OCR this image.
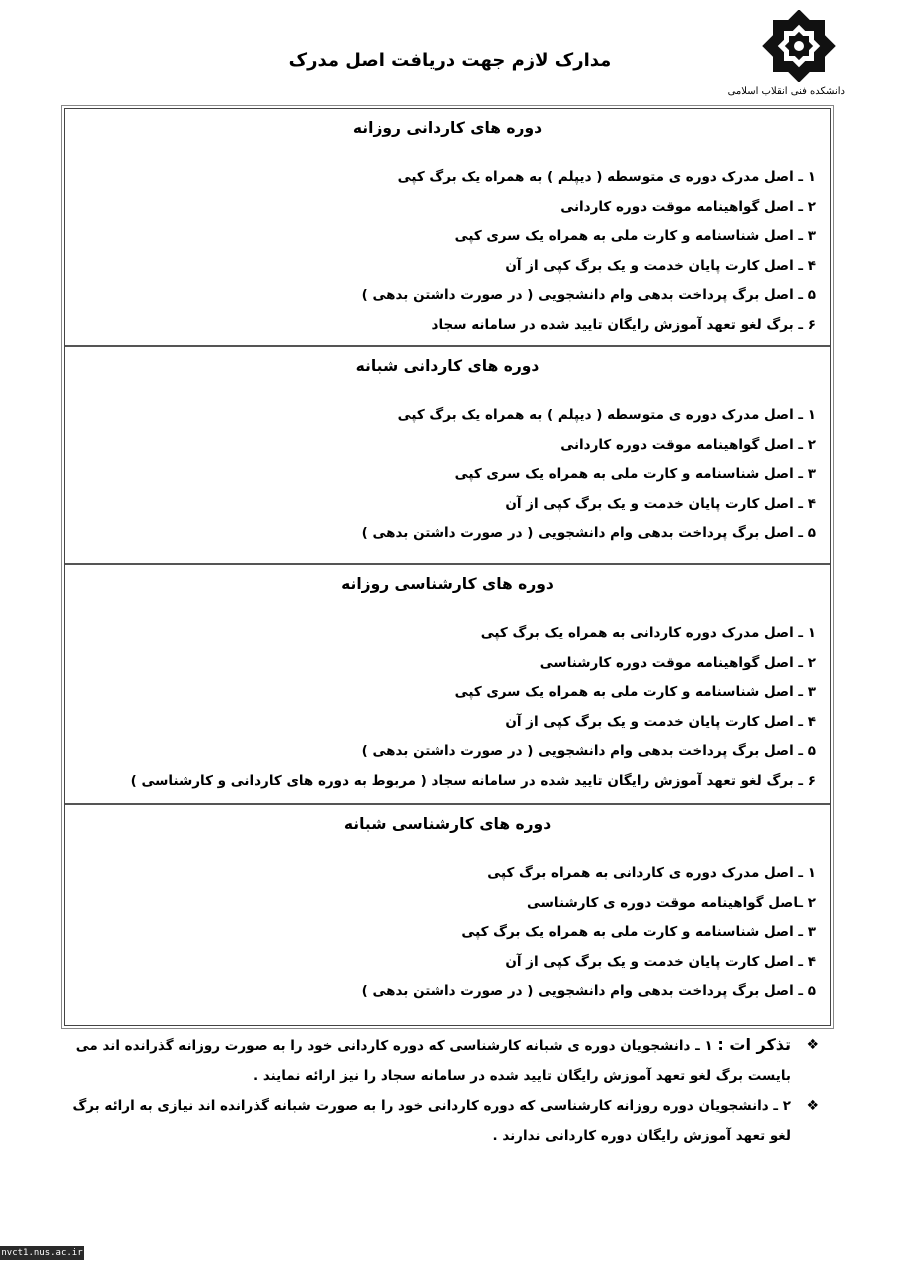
دانشکده فنی انقلاب اسلامی
مدارک لازم جهت دریافت اصل مدرک
دوره های کاردانی روزانه
۱ ـ اصل مدرک دوره ی متوسطه ( دیپلم ) به همراه یک برگ کپی
۲ ـ اصل گواهینامه موقت دوره کاردانی
۳ ـ اصل شناسنامه و کارت ملی به همراه یک سری کپی
۴ ـ اصل کارت پایان خدمت و یک برگ کپی از آن
۵ ـ اصل برگ پرداخت بدهی وام دانشجویی ( در صورت داشتن بدهی )
۶ ـ برگ لغو تعهد آموزش رایگان تایید شده در سامانه سجاد
دوره های کاردانی شبانه
۱ ـ اصل مدرک دوره ی متوسطه ( دیپلم ) به همراه یک برگ کپی
۲ ـ اصل گواهینامه موقت دوره کاردانی
۳ ـ اصل شناسنامه و کارت ملی به همراه یک سری کپی
۴ ـ اصل کارت پایان خدمت و یک برگ کپی از آن
۵ ـ اصل برگ پرداخت بدهی وام دانشجویی ( در صورت داشتن بدهی )
دوره های کارشناسی روزانه
۱ ـ اصل مدرک دوره کاردانی به همراه یک برگ کپی
۲ ـ اصل گواهینامه موقت دوره کارشناسی
۳ ـ اصل شناسنامه و کارت ملی به همراه یک سری کپی
۴ ـ اصل کارت پایان خدمت و یک برگ کپی از آن
۵ ـ اصل برگ پرداخت بدهی وام دانشجویی ( در صورت داشتن بدهی )
۶ ـ برگ لغو تعهد آموزش رایگان تایید شده در سامانه سجاد ( مربوط به دوره های کاردانی و کارشناسی )
دوره های کارشناسی شبانه
۱ ـ اصل مدرک دوره ی کاردانی به همراه برگ کپی
۲ ـاصل گواهینامه موقت دوره ی کارشناسی
۳ ـ اصل شناسنامه و کارت ملی به همراه یک برگ کپی
۴ ـ اصل کارت پایان خدمت و یک برگ کپی از آن
۵ ـ اصل برگ پرداخت بدهی وام دانشجویی ( در صورت داشتن بدهی )
❖
تذکر ات : ۱ ـ دانشجویان دوره ی شبانه کارشناسی که دوره کاردانی خود را به صورت روزانه گذرانده اند می بایست برگ لغو تعهد آموزش رایگان تایید شده در سامانه سجاد را نیز ارائه نمایند .
❖
۲ ـ دانشجویان دوره روزانه کارشناسی که دوره کاردانی خود را به صورت شبانه گذرانده اند نیازی به ارائه برگ لغو تعهد آموزش رایگان دوره کاردانی ندارند .
nvct1.nus.ac.ir
